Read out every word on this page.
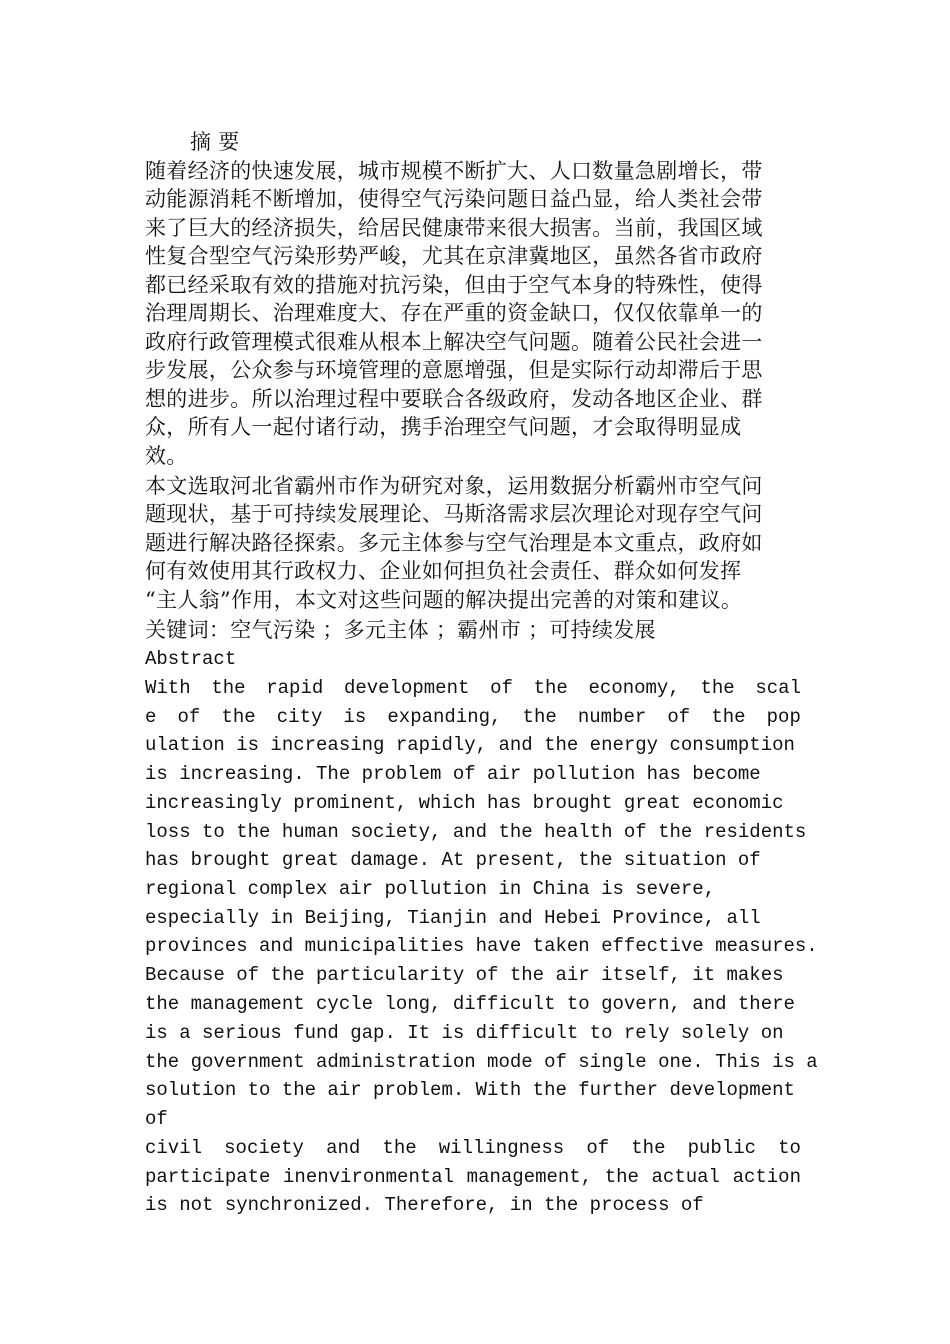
摘 要
随着经济的快速发展，城市规模不断扩大、人口数量急剧增长，带
动能源消耗不断增加，使得空气污染问题日益凸显，给人类社会带
来了巨大的经济损失，给居民健康带来很大损害。当前，我国区域
性复合型空气污染形势严峻，尤其在京津冀地区，虽然各省市政府
都已经采取有效的措施对抗污染，但由于空气本身的特殊性，使得
治理周期长、治理难度大、存在严重的资金缺口，仅仅依靠单一的
政府行政管理模式很难从根本上解决空气问题。随着公民社会进一
步发展，公众参与环境管理的意愿增强，但是实际行动却滞后于思
想的进步。所以治理过程中要联合各级政府，发动各地区企业、群
众，所有人一起付诸行动，携手治理空气问题，才会取得明显成
效。
本文选取河北省霸州市作为研究对象，运用数据分析霸州市空气问
题现状，基于可持续发展理论、马斯洛需求层次理论对现存空气问
题进行解决路径探索。多元主体参与空气治理是本文重点，政府如
何有效使用其行政权力、企业如何担负社会责任、群众如何发挥
“主人翁”作用，本文对这些问题的解决提出完善的对策和建议。
关键词：空气污染 ；多元主体 ；霸州市 ；可持续发展
Abstract
With the rapid development of the economy, the scal
e of the city is expanding, the number of the pop
ulation is increasing rapidly, and the energy consumption
is increasing. The problem of air pollution has become
increasingly prominent, which has brought great economic
loss to the human society, and the health of the residents
has brought great damage. At present, the situation of
regional complex air pollution in China is severe,
especially in Beijing, Tianjin and Hebei Province, all
provinces and municipalities have taken effective measures.
Because of the particularity of the air itself, it makes
the management cycle long, difficult to govern, and there
is a serious fund gap. It is difficult to rely solely on
the government administration mode of single one. This is a
solution to the air problem. With the further development
of
civil society and the willingness of the public to
participate inenvironmental management, the actual action
is not synchronized. Therefore, in the process of
